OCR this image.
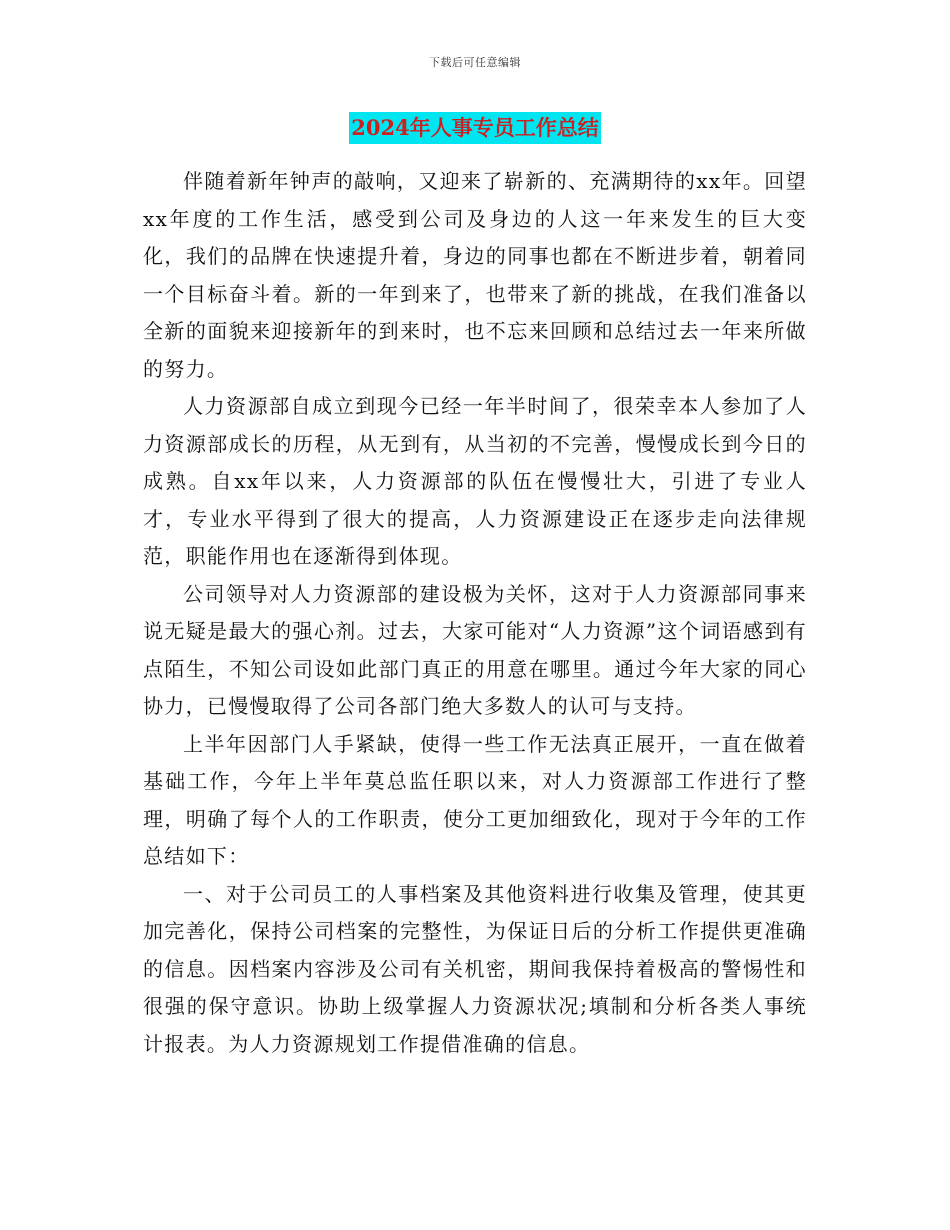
下载后可任意编辑
2024年人事专员工作总结

伴随着新年钟声的敲响，又迎来了崭新的、充满期待的xx年。回望xx年度的工作生活，感受到公司及身边的人这一年来发生的巨大变化，我们的品牌在快速提升着，身边的同事也都在不断进步着，朝着同一个目标奋斗着。新的一年到来了，也带来了新的挑战，在我们准备以全新的面貌来迎接新年的到来时，也不忘来回顾和总结过去一年来所做的努力。

人力资源部自成立到现今已经一年半时间了，很荣幸本人参加了人力资源部成长的历程，从无到有，从当初的不完善，慢慢成长到今日的成熟。自xx年以来，人力资源部的队伍在慢慢壮大，引进了专业人才，专业水平得到了很大的提高，人力资源建设正在逐步走向法律规范，职能作用也在逐渐得到体现。

公司领导对人力资源部的建设极为关怀，这对于人力资源部同事来说无疑是最大的强心剂。过去，大家可能对“人力资源”这个词语感到有点陌生，不知公司设如此部门真正的用意在哪里。通过今年大家的同心协力，已慢慢取得了公司各部门绝大多数人的认可与支持。

上半年因部门人手紧缺，使得一些工作无法真正展开，一直在做着基础工作，今年上半年莫总监任职以来，对人力资源部工作进行了整理，明确了每个人的工作职责，使分工更加细致化，现对于今年的工作总结如下：

一、对于公司员工的人事档案及其他资料进行收集及管理，使其更加完善化，保持公司档案的完整性，为保证日后的分析工作提供更准确的信息。因档案内容涉及公司有关机密，期间我保持着极高的警惕性和很强的保守意识。协助上级掌握人力资源状况;填制和分析各类人事统计报表。为人力资源规划工作提借准确的信息。
